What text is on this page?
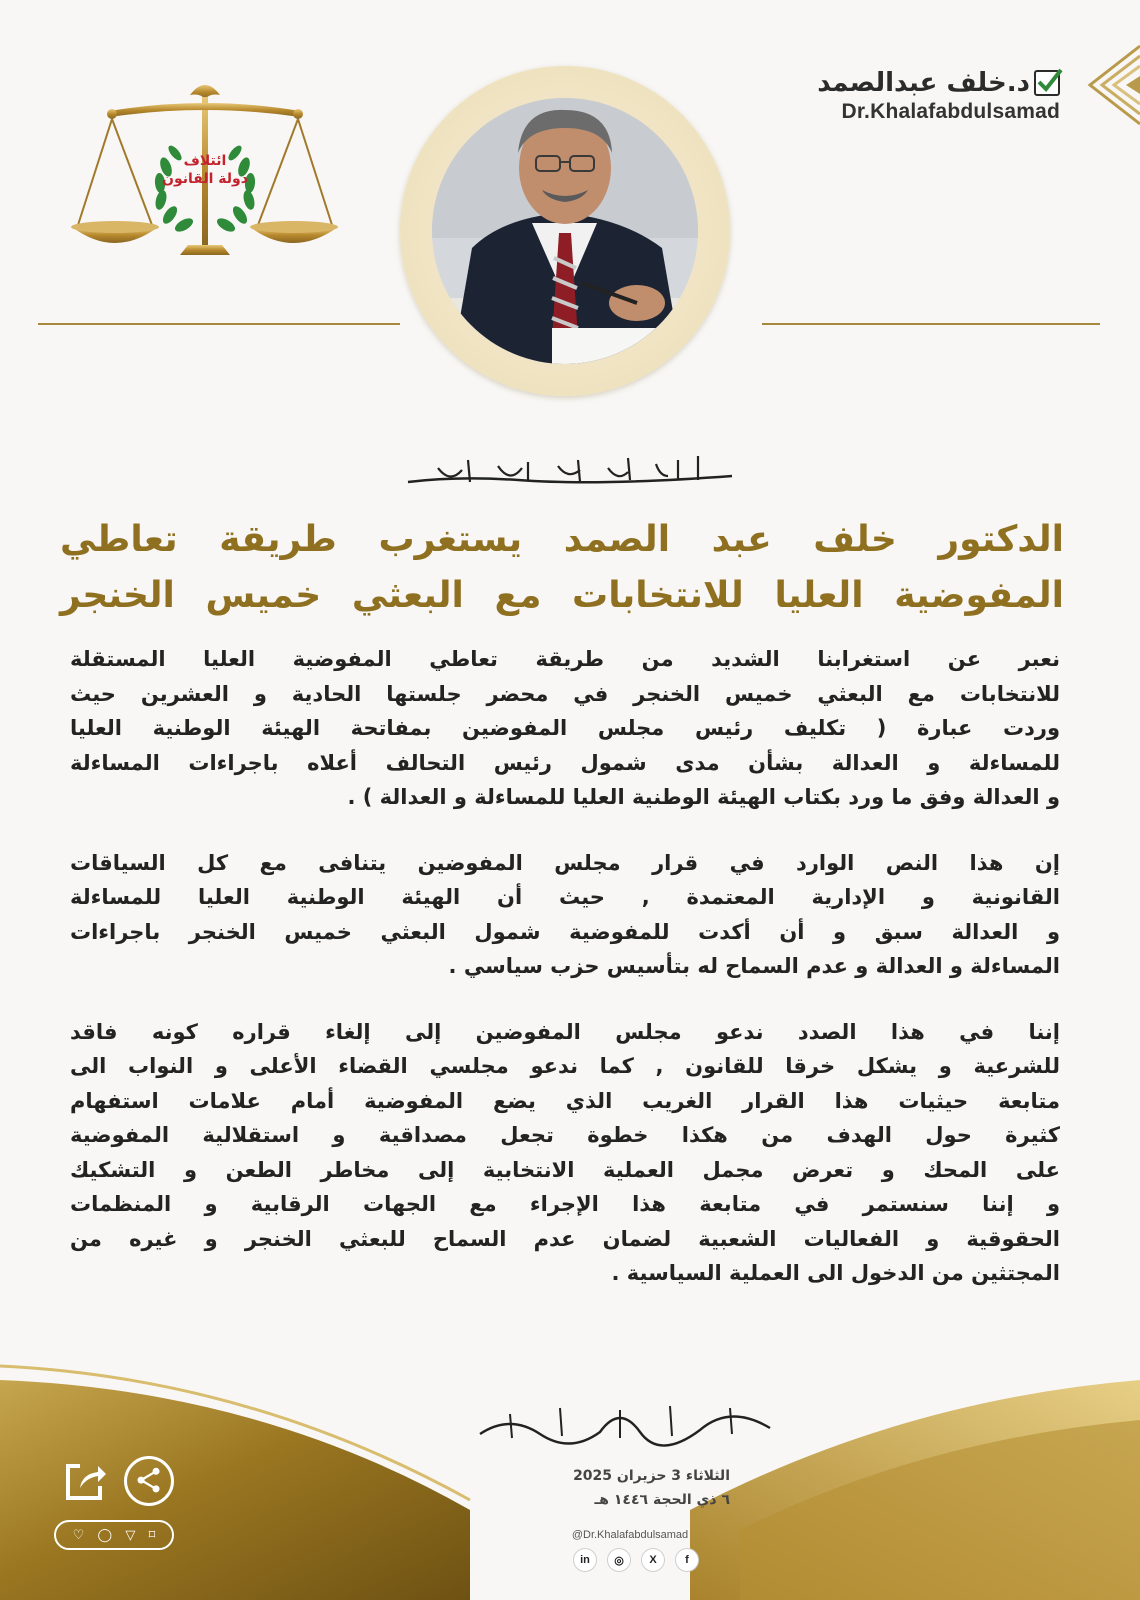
د.خلف عبدالصمد
Dr.Khalafabdulsamad
ائتلاف
دولة القانون
الدكتور خلف عبد الصمد يستغرب طريقة تعاطي
المفوضية العليا للانتخابات مع البعثي خميس الخنجر
نعبر عن استغرابنا الشديد من طريقة تعاطي المفوضية العليا المستقلة
للانتخابات مع البعثي خميس الخنجر في محضر جلستها الحادية و العشرين حيث
وردت عبارة ( تكليف رئيس مجلس المفوضين بمفاتحة الهيئة الوطنية العليا
للمساءلة و العدالة بشأن مدى شمول رئيس التحالف أعلاه باجراءات المساءلة
و العدالة وفق ما ورد بكتاب الهيئة الوطنية العليا للمساءلة و العدالة ) .
إن هذا النص الوارد في قرار مجلس المفوضين يتنافى مع كل السياقات
القانونية و الإدارية المعتمدة , حيث أن الهيئة الوطنية العليا للمساءلة
و العدالة سبق و أن أكدت للمفوضية شمول البعثي خميس الخنجر باجراءات
المساءلة و العدالة و عدم السماح له بتأسيس حزب سياسي .
إننا في هذا الصدد ندعو مجلس المفوضين إلى إلغاء قراره كونه فاقد
للشرعية و يشكل خرقا للقانون , كما ندعو مجلسي القضاء الأعلى و النواب الى
متابعة حيثيات هذا القرار الغريب الذي يضع المفوضية أمام علامات استفهام
كثيرة حول الهدف من هكذا خطوة تجعل مصداقية و استقلالية المفوضية
على المحك و تعرض مجمل العملية الانتخابية إلى مخاطر الطعن و التشكيك
و إننا سنستمر في متابعة هذا الإجراء مع الجهات الرقابية و المنظمات
الحقوقية و الفعاليات الشعبية لضمان عدم السماح للبعثي الخنجر و غيره من
المجتثين من الدخول الى العملية السياسية .
الثلاثاء 3 حزيران 2025
٦ ذي الحجة ١٤٤٦ هـ
@Dr.Khalafabdulsamad
in	◎	X	f
♡ ◯ ▽ ⌑
